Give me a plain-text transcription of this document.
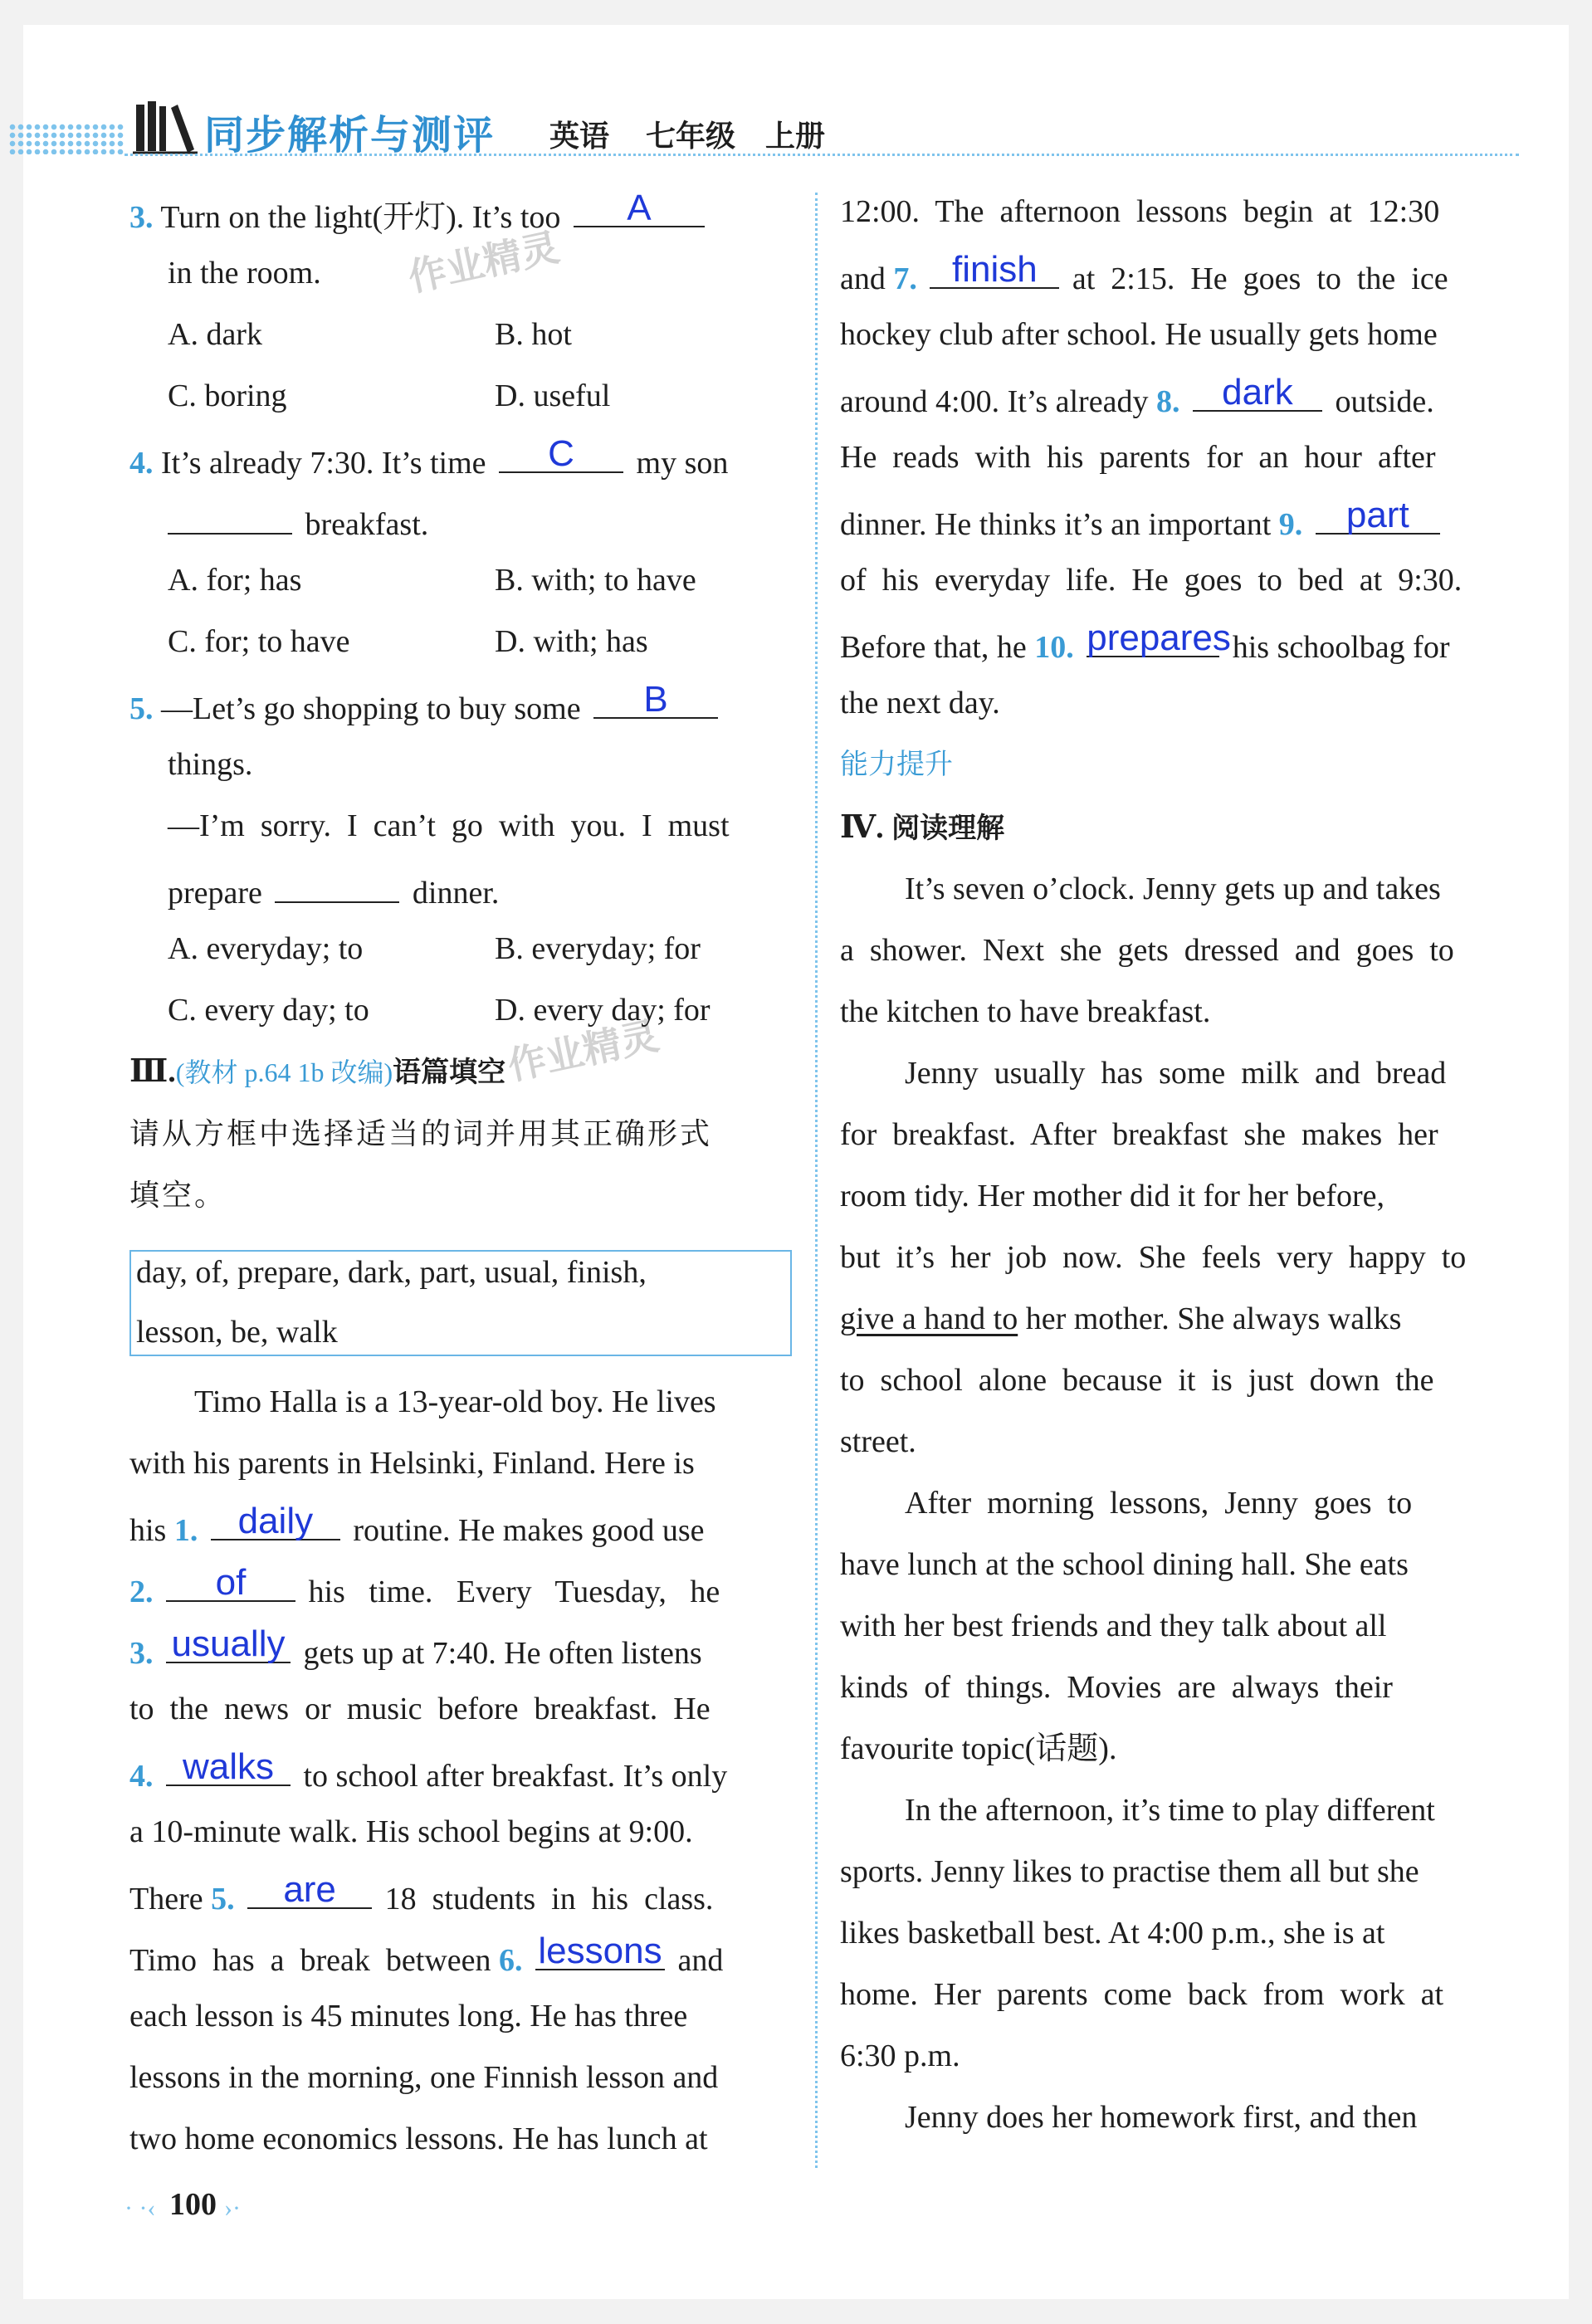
同步解析与测评 英语 七年级 上册
作业精灵
作业精灵
3. Turn on the light(开灯). It’s too	A
in the room.
A. dark	B. hot
C. boring	D. useful
4. It’s already 7:30. It’s time	C	my son
breakfast.
A. for; has	B. with; to have
C. for; to have	D. with; has
5. —Let’s go shopping to buy some	B
things.
—I’m  sorry.  I  can’t  go  with  you.  I  must
prepare	dinner.
A. everyday; to	B. everyday; for
C. every day; to	D. every day; for
Ⅲ.(教材 p.64 1b 改编)语篇填空
请从方框中选择适当的词并用其正确形式
填空。
day, of, prepare, dark, part, usual, finish,
lesson, be, walk
Timo Halla is a 13-year-old boy. He lives
with his parents in Helsinki, Finland. Here is
his 1.	daily	routine. He makes good use
2.	of	his   time.   Every   Tuesday,   he
3. usually gets up at 7:40. He often listens
to  the  news  or  music  before  breakfast.  He
4. walks to school after breakfast. It’s only
a 10-minute walk. His school begins at 9:00.
There 5.	are	18  students  in  his  class.
Timo  has  a  break  between 6. lessons and
each lesson is 45 minutes long. He has three
lessons in the morning, one Finnish lesson and
two home economics lessons. He has lunch at
12:00.  The  afternoon  lessons  begin  at  12:30
and 7. finish	at  2:15.  He  goes  to  the  ice
hockey club after school. He usually gets home
around 4:00. It’s already 8.	dark	outside.
He  reads  with  his  parents  for  an  hour  after
dinner. He thinks it’s an important 9.	part
of  his  everyday  life.  He  goes  to  bed  at  9:30.
Before that, he 10. prepares his schoolbag for
the next day.
能力提升
Ⅳ. 阅读理解
It’s seven o’clock. Jenny gets up and takes
a  shower.  Next  she  gets  dressed  and  goes  to
the kitchen to have breakfast.
Jenny  usually  has  some  milk  and  bread
for  breakfast.  After  breakfast  she  makes  her
room tidy. Her mother did it for her before,
but  it’s  her  job  now.  She  feels  very  happy  to
give a hand to her mother. She always walks
to  school  alone  because  it  is  just  down  the
street.
After  morning  lessons,  Jenny  goes  to
have lunch at the school dining hall. She eats
with her best friends and they talk about all
kinds  of  things.  Movies  are  always  their
favourite topic(话题).
In the afternoon, it’s time to play different
sports. Jenny likes to practise them all but she
likes basketball best. At 4:00 p.m., she is at
home.  Her  parents  come  back  from  work  at
6:30 p.m.
Jenny does her homework first, and then
· ·‹ 100 ›·
